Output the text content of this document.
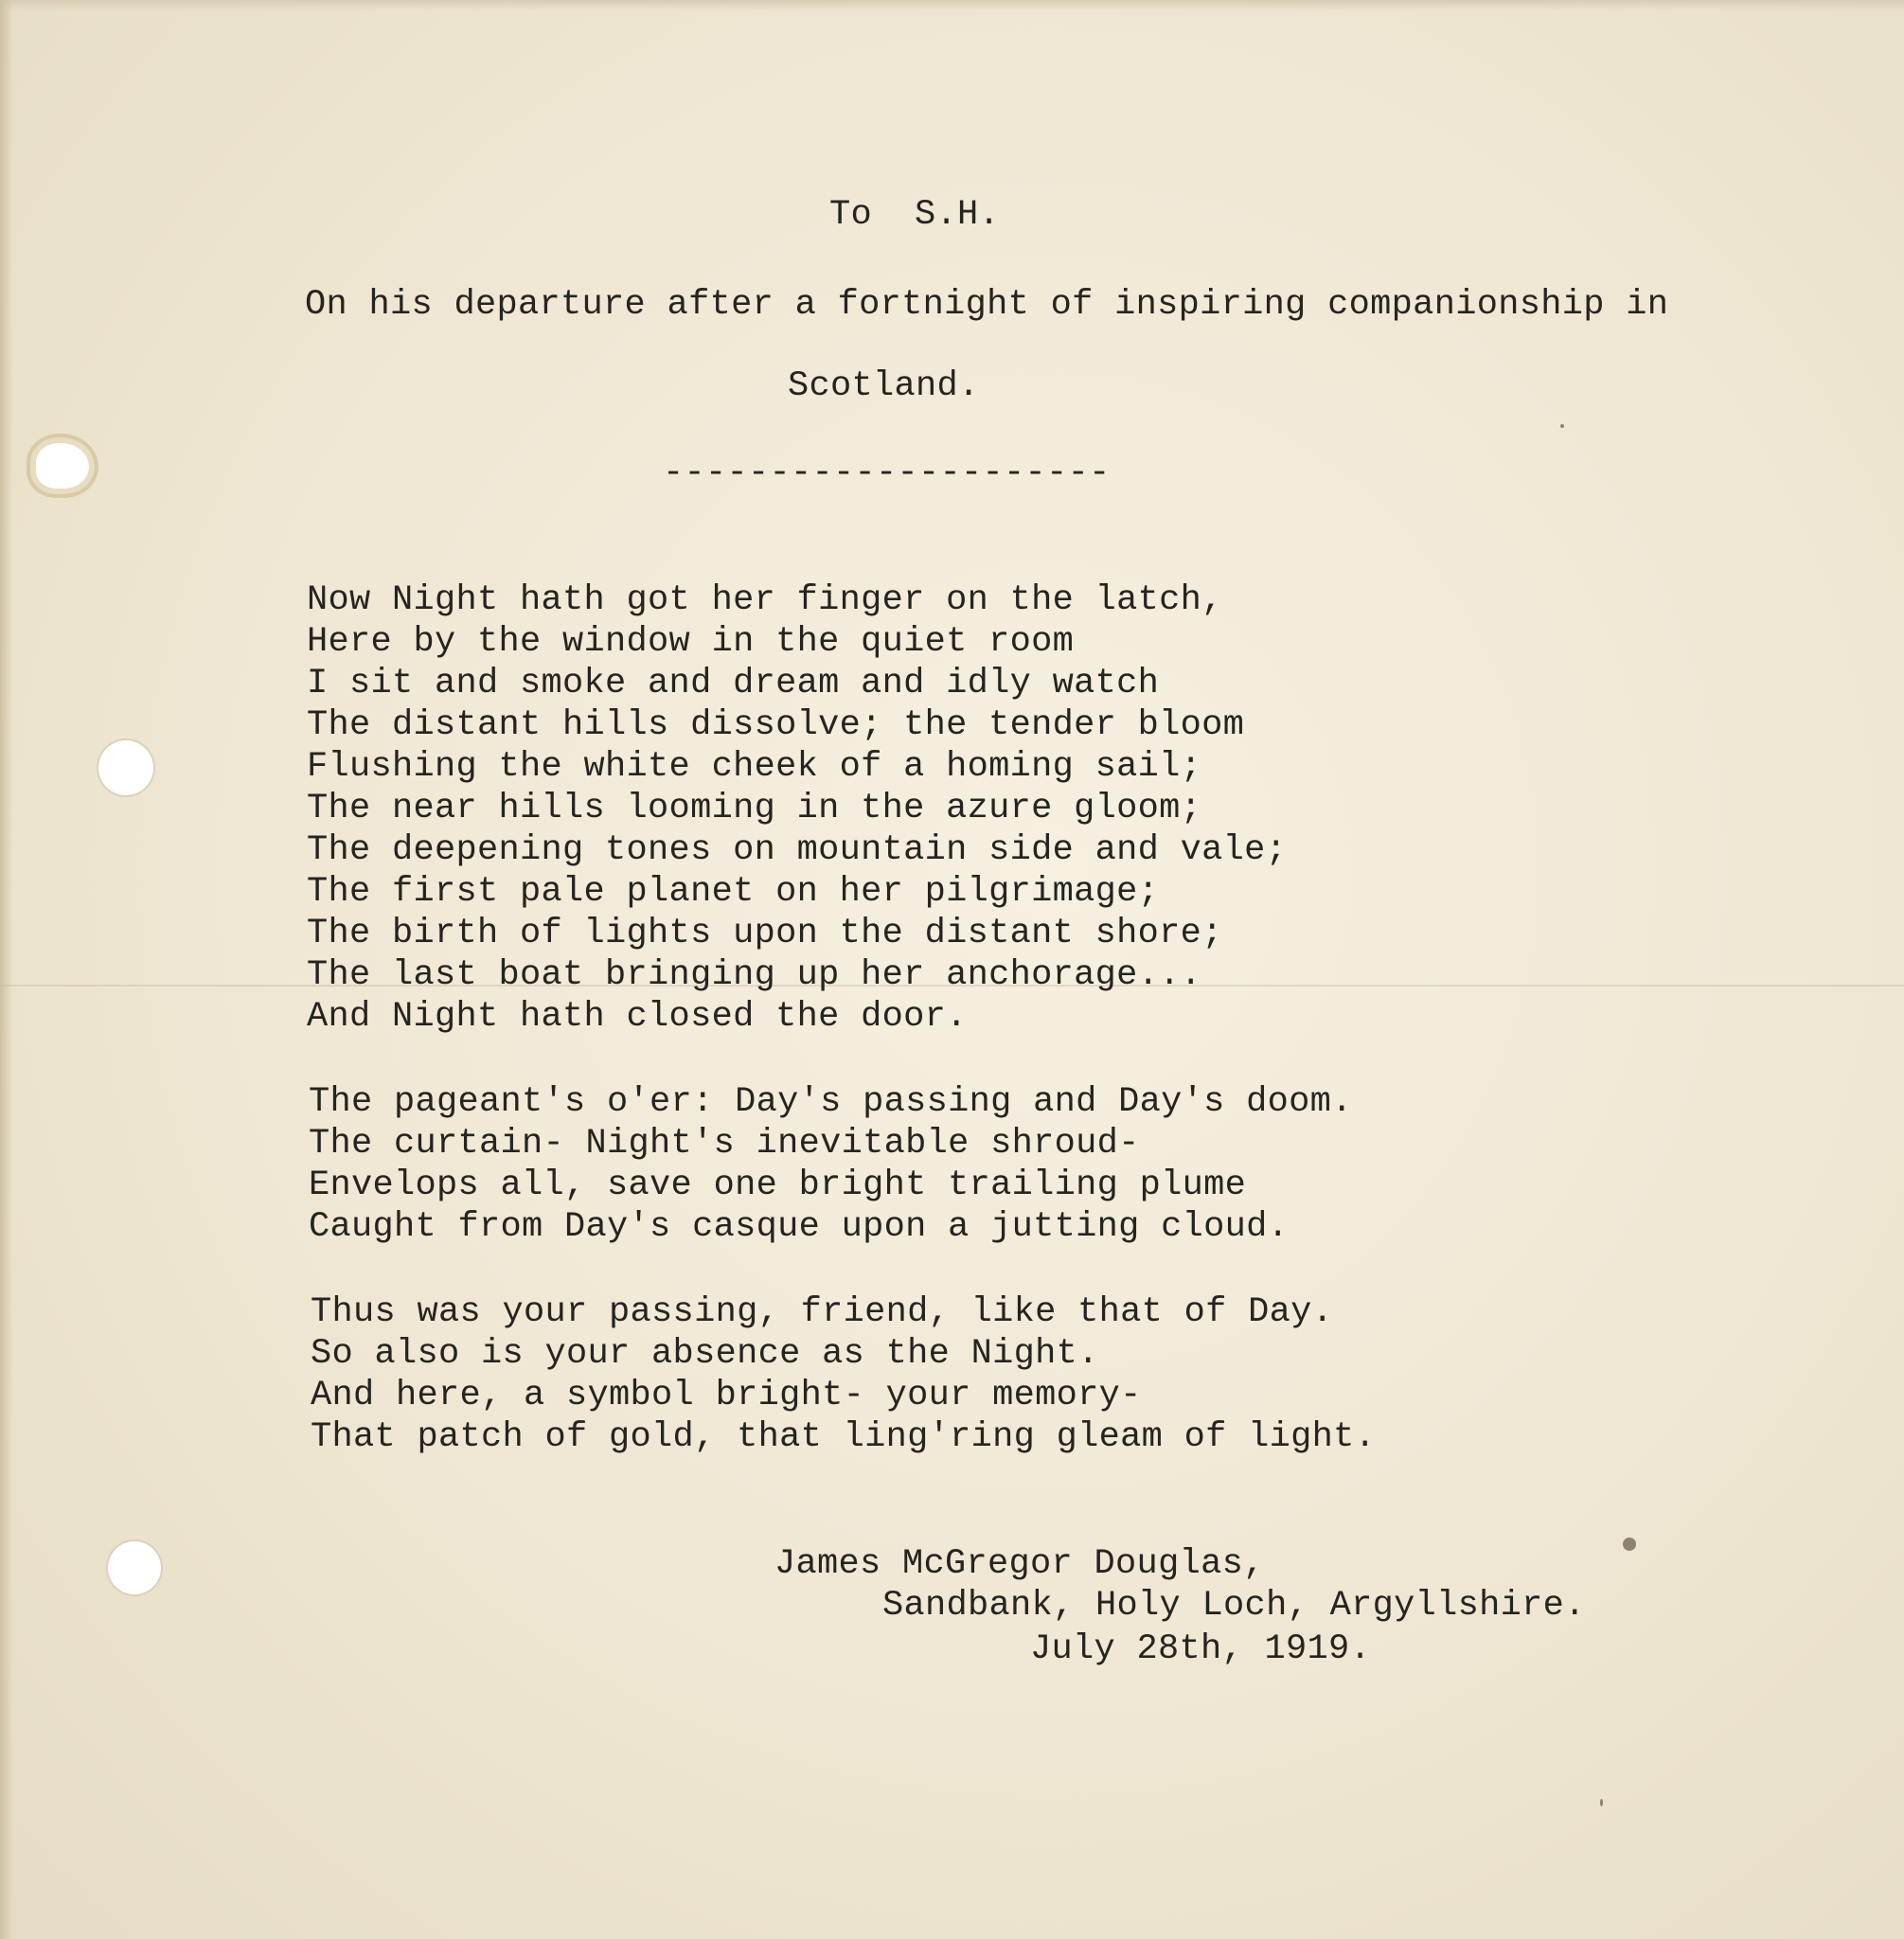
To  S.H.

On his departure after a fortnight of inspiring companionship in

Scotland.

---------------------

Now Night hath got her finger on the latch,

Here by the window in the quiet room

I sit and smoke and dream and idly watch

The distant hills dissolve; the tender bloom

Flushing the white cheek of a homing sail;

The near hills looming in the azure gloom;

The deepening tones on mountain side and vale;

The first pale planet on her pilgrimage;

The birth of lights upon the distant shore;

The last boat bringing up her anchorage...

And Night hath closed the door.

The pageant's o'er: Day's passing and Day's doom.

The curtain- Night's inevitable shroud-

Envelops all, save one bright trailing plume

Caught from Day's casque upon a jutting cloud.

Thus was your passing, friend, like that of Day.

So also is your absence as the Night.

And here, a symbol bright- your memory-

That patch of gold, that ling'ring gleam of light.

James McGregor Douglas,

Sandbank, Holy Loch, Argyllshire.

July 28th, 1919.
